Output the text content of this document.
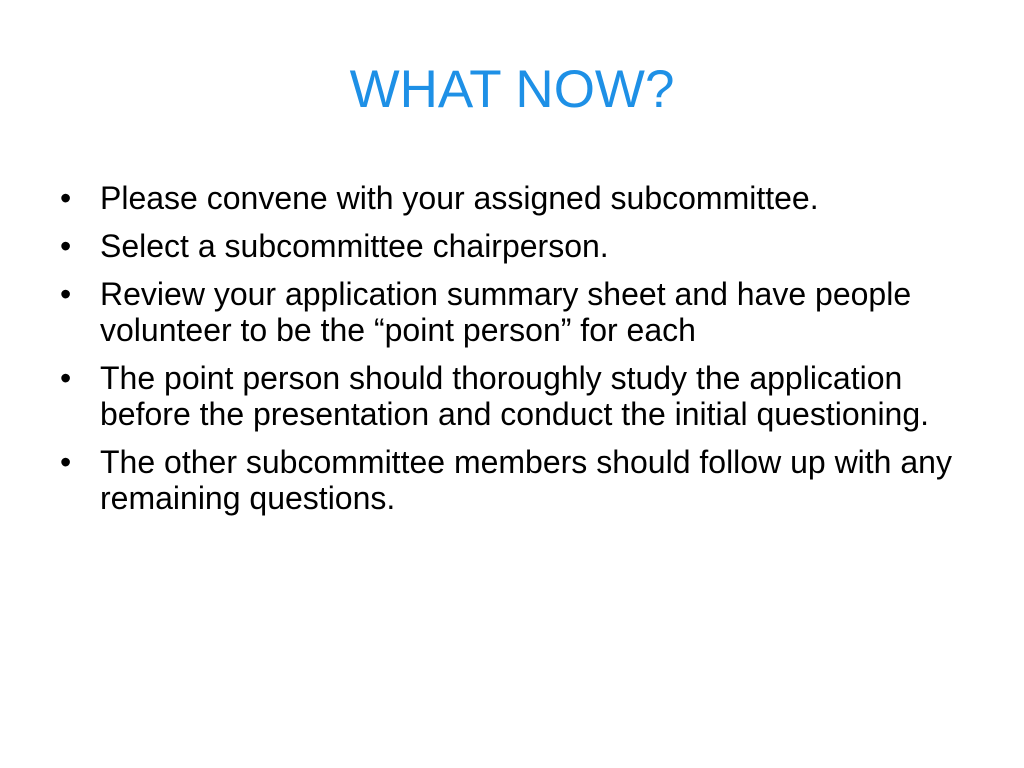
WHAT NOW?
• Please convene with your assigned subcommittee.
• Select a subcommittee chairperson.
• Review your application summary sheet and have people volunteer to be the “point person” for each
• The point person should thoroughly study the application before the presentation and conduct the initial questioning.
• The other subcommittee members should follow up with any remaining questions.
